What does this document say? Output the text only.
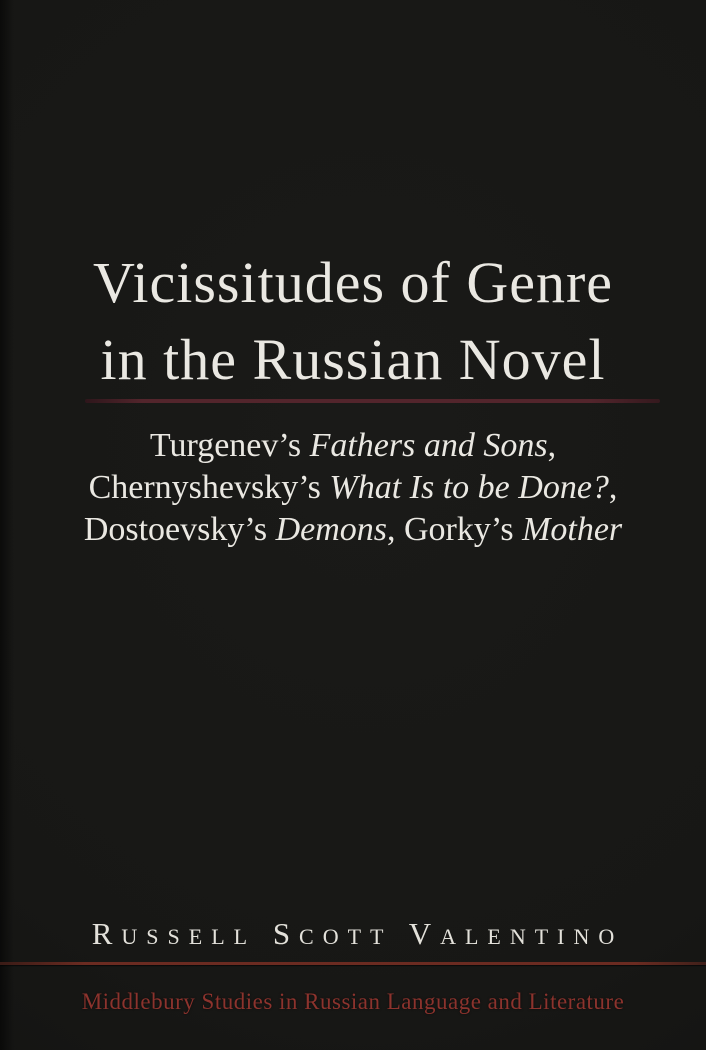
Vicissitudes of Genre
in the Russian Novel
Turgenev’s Fathers and Sons,
Chernyshevsky’s What Is to be Done?,
Dostoevsky’s Demons, Gorky’s Mother
Russell Scott Valentino
Middlebury Studies in Russian Language and Literature
